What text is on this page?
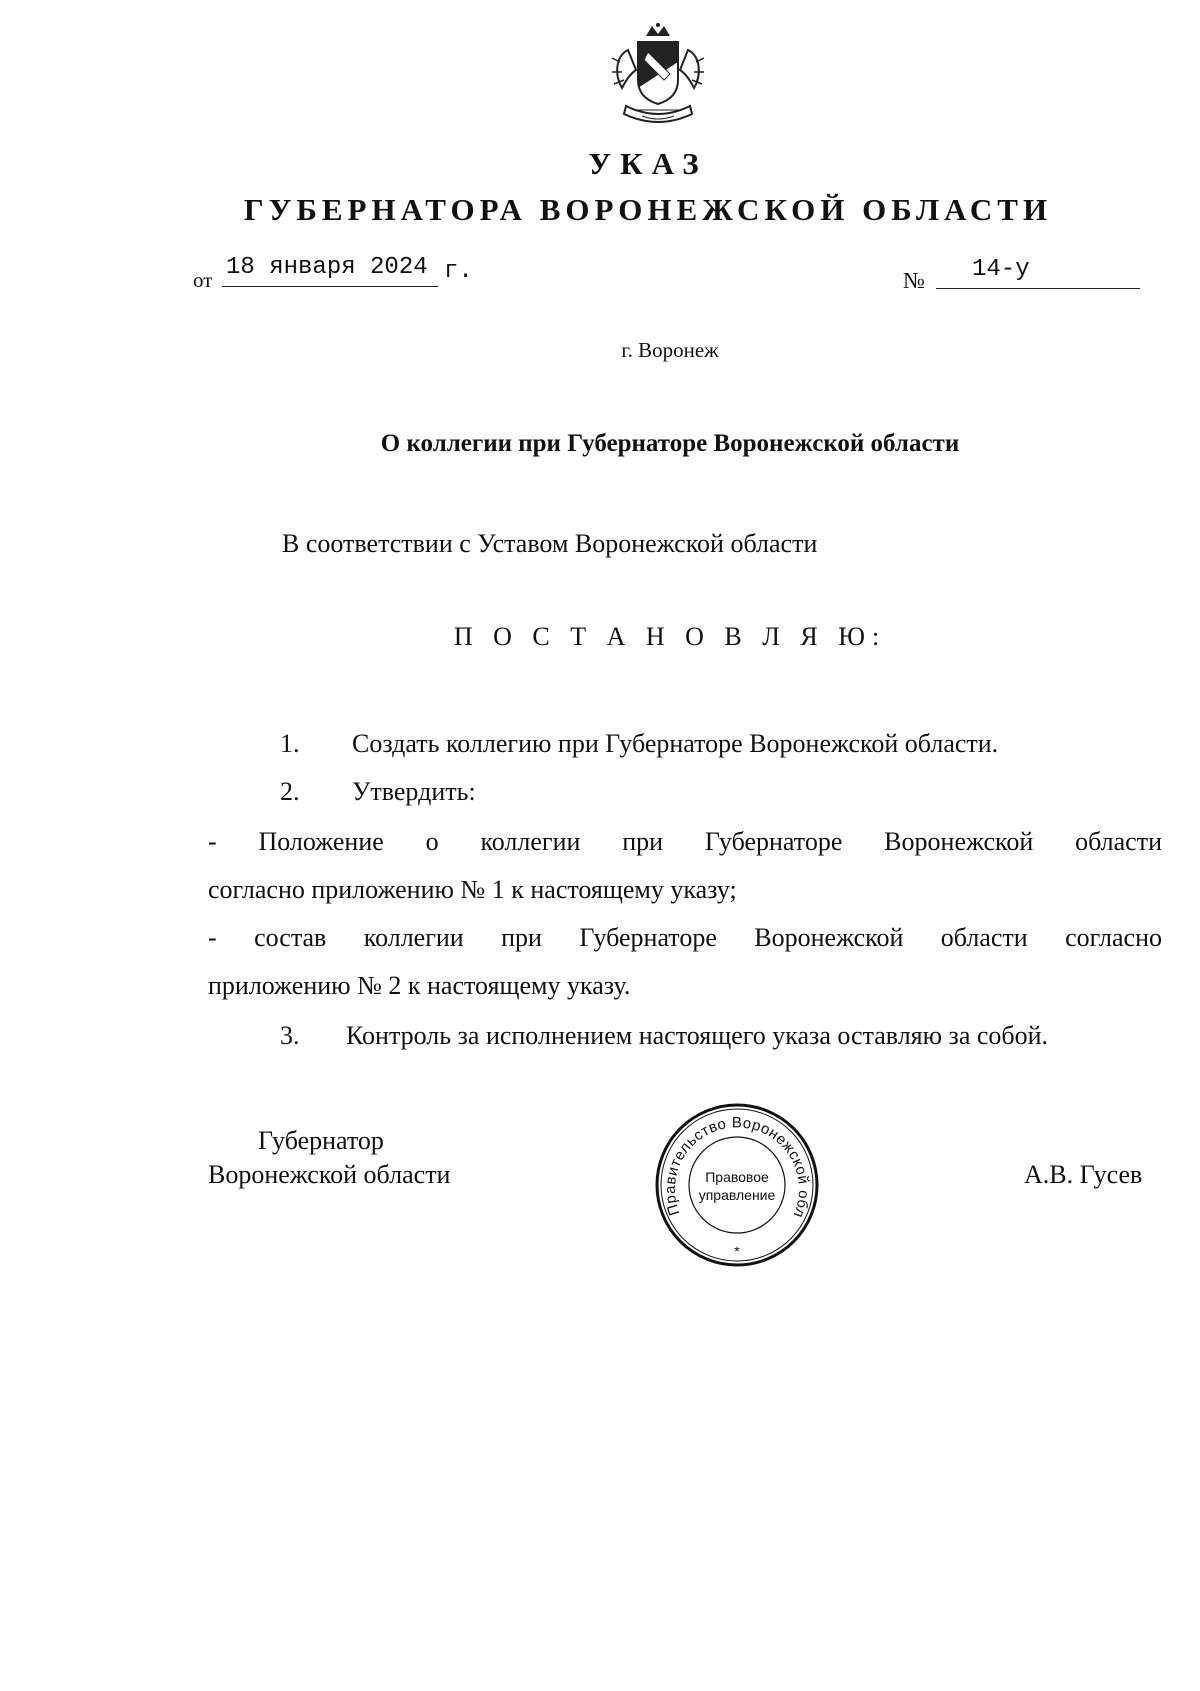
УКАЗ
ГУБЕРНАТОРА ВОРОНЕЖСКОЙ ОБЛАСТИ
от 18 января 2024 г.	№ 14-у
г. Воронеж
О коллегии при Губернаторе Воронежской области
В соответствии с Уставом Воронежской области
П О С Т А Н О В Л Я Ю:
1.	Создать коллегию при Губернаторе Воронежской области.
2.	Утвердить:
- Положение о коллегии при Губернаторе Воронежской области
согласно приложению № 1 к настоящему указу;
- состав коллегии при Губернаторе Воронежской области согласно
приложению № 2 к настоящему указу.
3.	Контроль за исполнением настоящего указа оставляю за собой.
Губернатор
Воронежской области	А.В. Гусев
Правительство Воронежской обл
Правовое
управление
*
